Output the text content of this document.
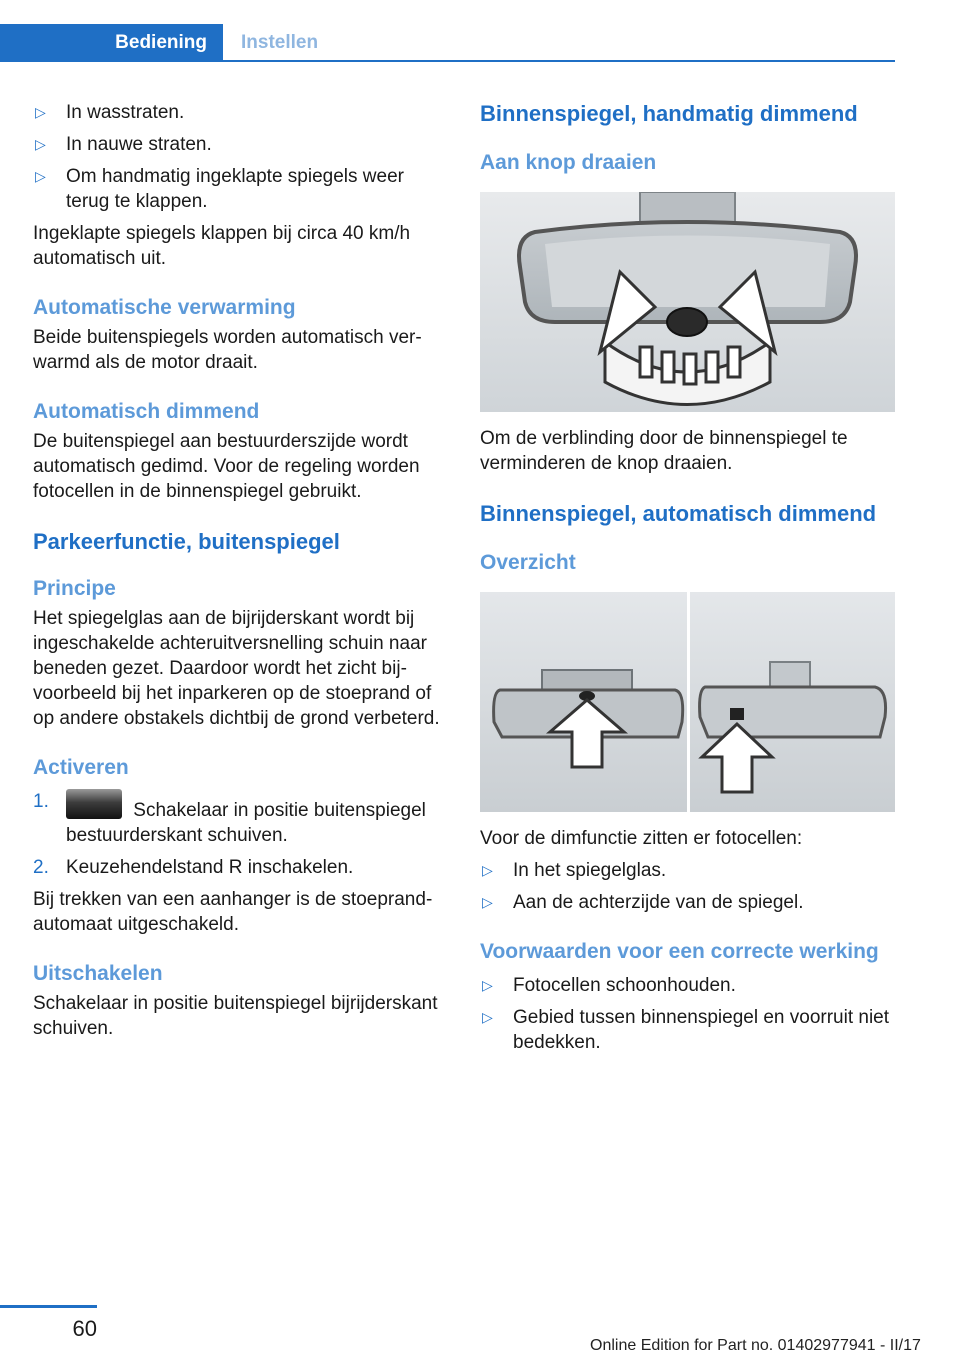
Bediening	Instellen
▷ In wasstraten.
▷ In nauwe straten.
▷ Om handmatig ingeklapte spiegels weer terug te klappen.

Ingeklapte spiegels klappen bij circa 40 km/h automatisch uit.

Automatische verwarming

Beide buitenspiegels worden automatisch verwarmd als de motor draait.

Automatisch dimmend

De buitenspiegel aan bestuurderszijde wordt automatisch gedimd. Voor de regeling worden fotocellen in de binnenspiegel gebruikt.

Parkeerfunctie, buitenspiegel
Principe

Het spiegelglas aan de bijrijderskant wordt bij ingeschakelde achteruitversnelling schuin naar beneden gezet. Daardoor wordt het zicht bijvoorbeeld bij het inparkeren op de stoeprand of op andere obstakels dichtbij de grond verbeterd.

Activeren
1.	Schakelaar in positie buitenspiegel bestuurderskant schuiven.
2. Keuzehendelstand R inschakelen.

Bij trekken van een aanhanger is de stoeprandautomaat uitgeschakeld.

Uitschakelen

Schakelaar in positie buitenspiegel bijrijderskant schuiven.

Binnenspiegel, handmatig dimmend
Aan knop draaien

Om de verblinding door de binnenspiegel te verminderen de knop draaien.

Binnenspiegel, automatisch dimmend
Overzicht

Voor de dimfunctie zitten er fotocellen:

▷ In het spiegelglas.
▷ Aan de achterzijde van de spiegel.
Voorwaarden voor een correcte werking
▷ Fotocellen schoonhouden.
▷ Gebied tussen binnenspiegel en voorruit niet bedekken.
60
Online Edition for Part no. 01402977941 - II/17
